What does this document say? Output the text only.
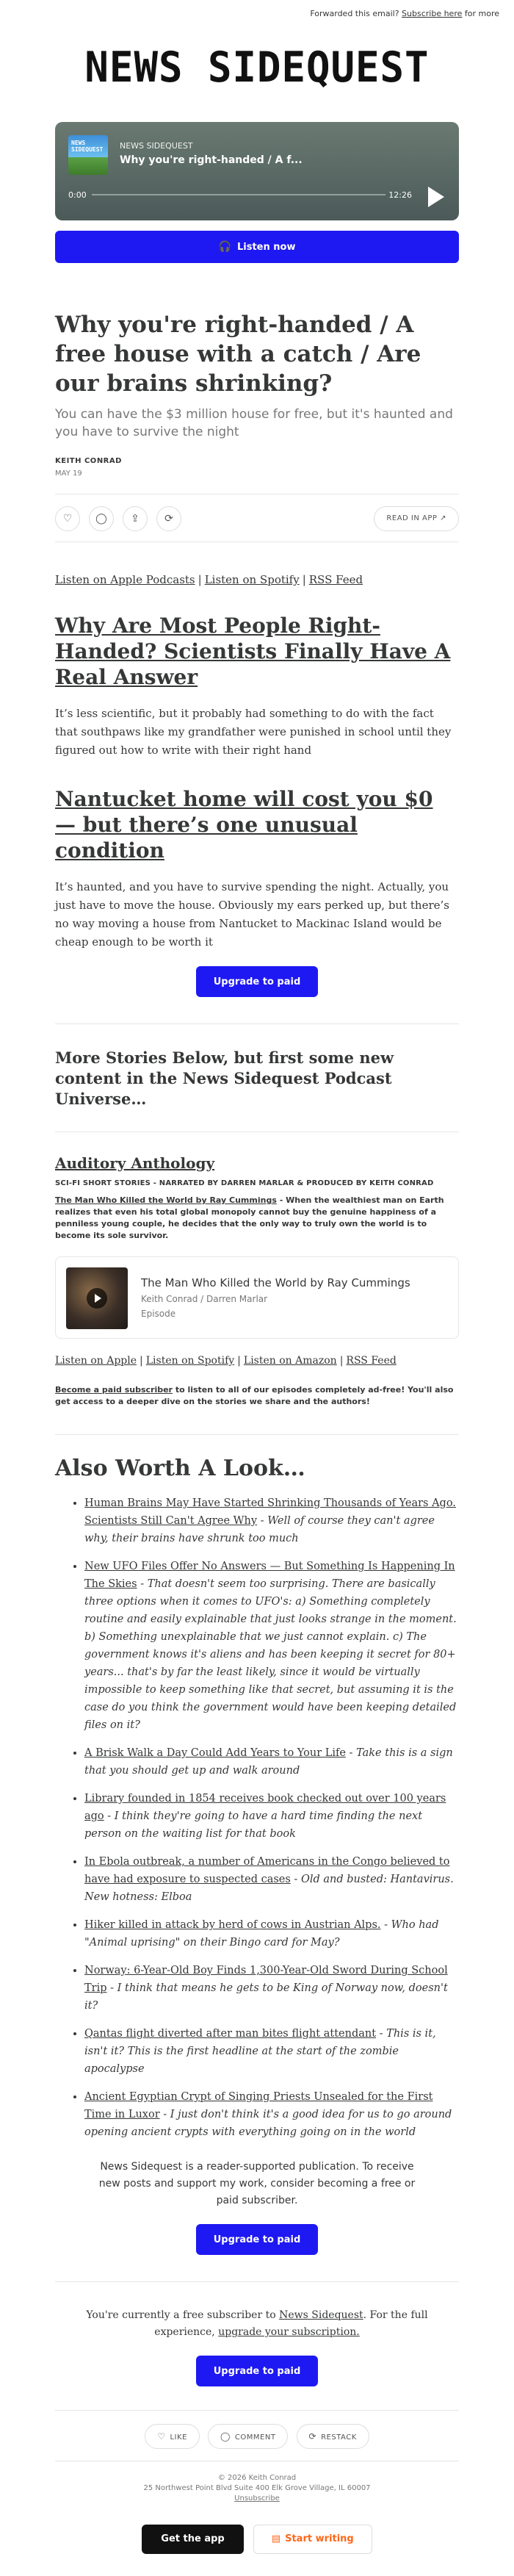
Forwarded this email? Subscribe here for more
NEWS SIDEQUEST
NEWS SIDEQUEST	NEWS SIDEQUEST
Why you're right-handed / A f...
0:00	12:26
🎧 Listen now
Why you're right-handed / A free house with a catch / Are our brains shrinking?
You can have the $3 million house for free, but it's haunted and you have to survive the night
KEITH CONRAD
MAY 19
♡	◯	⇪	⟳	READ IN APP ↗
Listen on Apple Podcasts | Listen on Spotify | RSS Feed
Why Are Most People Right-Handed? Scientists Finally Have A Real Answer

It’s less scientific, but it probably had something to do with the fact that southpaws like my grandfather were punished in school until they figured out how to write with their right hand

Nantucket home will cost you $0 — but there’s one unusual condition

It’s haunted, and you have to survive spending the night. Actually, you just have to move the house. Obviously my ears perked up, but there’s no way moving a house from Nantucket to Mackinac Island would be cheap enough to be worth it

Upgrade to paid
More Stories Below, but first some new content in the News Sidequest Podcast Universe…
Auditory Anthology
SCI-FI SHORT STORIES - NARRATED BY DARREN MARLAR & PRODUCED BY KEITH CONRAD
The Man Who Killed the World by Ray Cummings - When the wealthiest man on Earth realizes that even his total global monopoly cannot buy the genuine happiness of a penniless young couple, he decides that the only way to truly own the world is to become its sole survivor.
The Man Who Killed the World by Ray Cummings
Keith Conrad / Darren Marlar
Episode
Listen on Apple | Listen on Spotify | Listen on Amazon | RSS Feed
Become a paid subscriber to listen to all of our episodes completely ad-free! You'll also get access to a deeper dive on the stories we share and the authors!
Also Worth A Look…
• Human Brains May Have Started Shrinking Thousands of Years Ago. Scientists Still Can't Agree Why - Well of course they can't agree why, their brains have shrunk too much
• New UFO Files Offer No Answers — But Something Is Happening In The Skies - That doesn't seem too surprising. There are basically three options when it comes to UFO's: a) Something completely routine and easily explainable that just looks strange in the moment. b) Something unexplainable that we just cannot explain. c) The government knows it's aliens and has been keeping it secret for 80+ years... that's by far the least likely, since it would be virtually impossible to keep something like that secret, but assuming it is the case do you think the government would have been keeping detailed files on it?
• A Brisk Walk a Day Could Add Years to Your Life - Take this is a sign that you should get up and walk around
• Library founded in 1854 receives book checked out over 100 years ago - I think they're going to have a hard time finding the next person on the waiting list for that book
• In Ebola outbreak, a number of Americans in the Congo believed to have had exposure to suspected cases - Old and busted: Hantavirus. New hotness: Elboa
• Hiker killed in attack by herd of cows in Austrian Alps. - Who had "Animal uprising" on their Bingo card for May?
• Norway: 6-Year-Old Boy Finds 1,300-Year-Old Sword During School Trip - I think that means he gets to be King of Norway now, doesn't it?
• Qantas flight diverted after man bites flight attendant - This is it, isn't it? This is the first headline at the start of the zombie apocalypse
• Ancient Egyptian Crypt of Singing Priests Unsealed for the First Time in Luxor - I just don't think it's a good idea for us to go around opening ancient crypts with everything going on in the world
News Sidequest is a reader-supported publication. To receive new posts and support my work, consider becoming a free or paid subscriber.
Upgrade to paid
You're currently a free subscriber to News Sidequest. For the full experience, upgrade your subscription.
Upgrade to paid
♡ LIKE	◯ COMMENT	⟳ RESTACK
© 2026 Keith Conrad
25 Northwest Point Blvd Suite 400 Elk Grove Village, IL 60007
Unsubscribe
Get the app	▤ Start writing
